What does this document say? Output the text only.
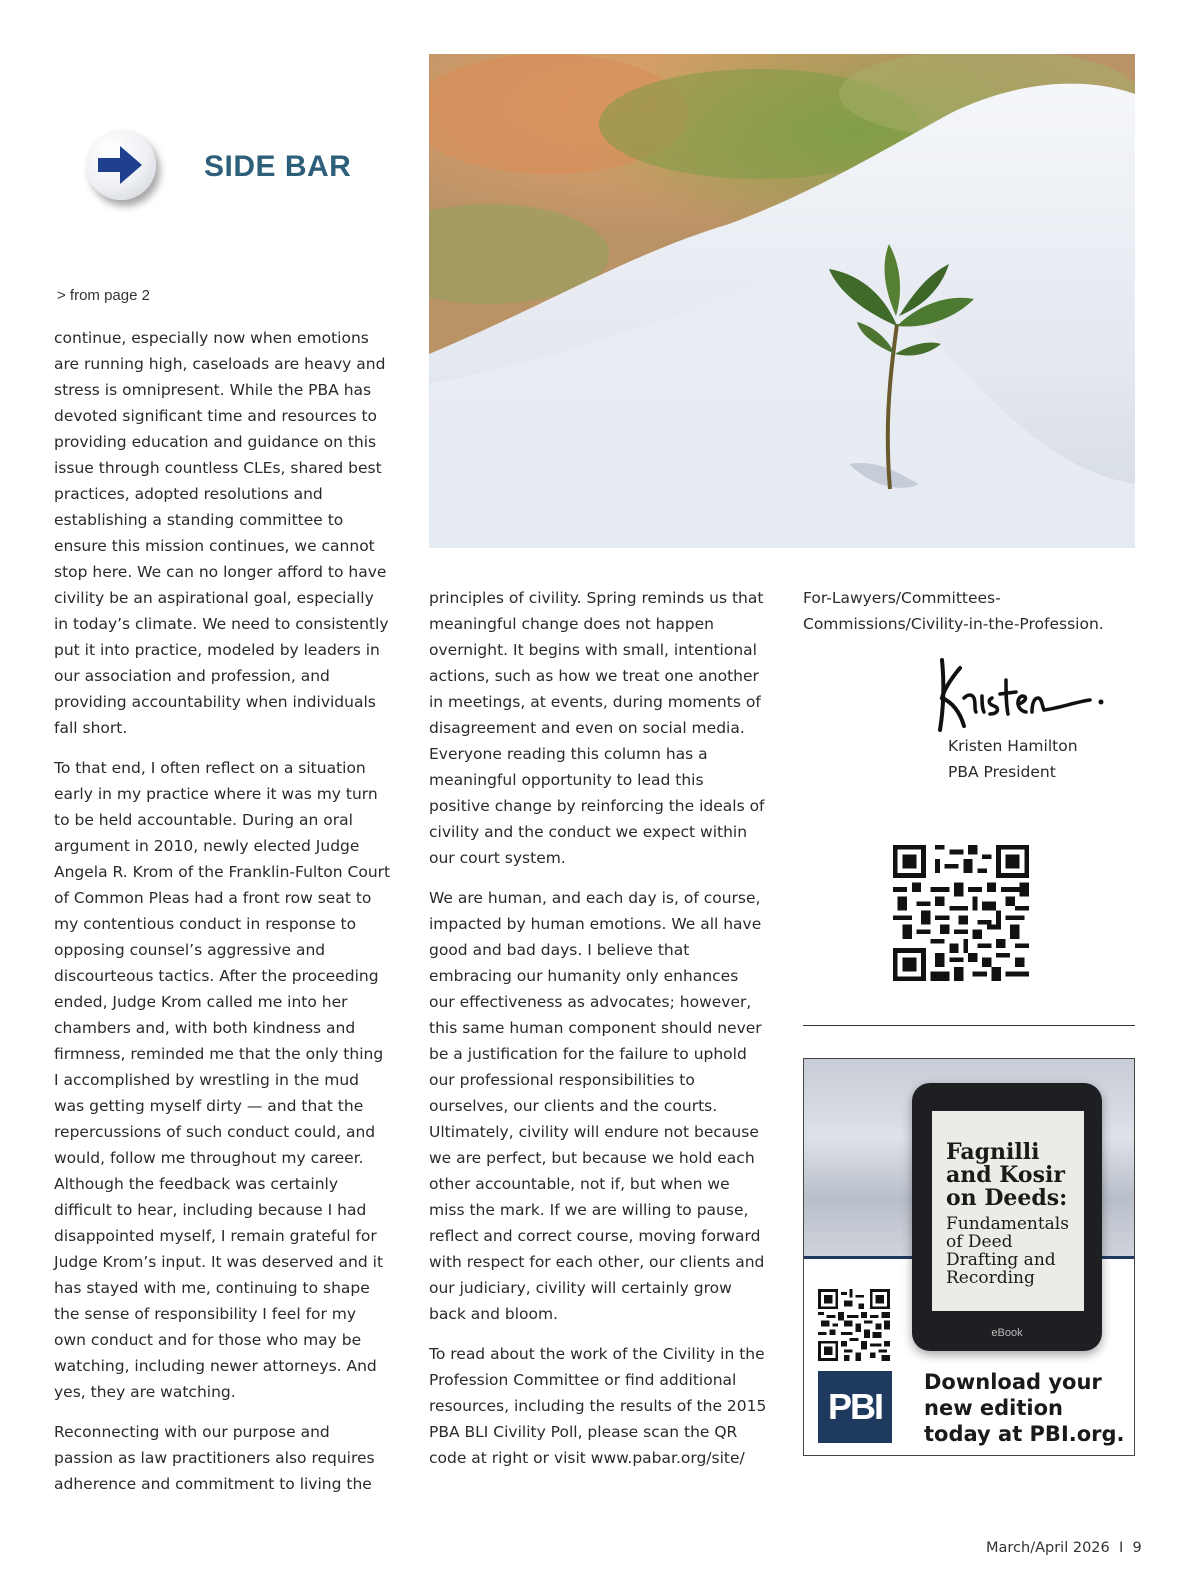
SIDE BAR
> from page 2

continue, especially now when emotions are running high, caseloads are heavy and stress is omnipresent. While the PBA has devoted significant time and resources to providing education and guidance on this issue through countless CLEs, shared best practices, adopted resolutions and establishing a standing committee to ensure this mission continues, we cannot stop here. We can no longer afford to have civility be an aspirational goal, especially in today’s climate. We need to consistently put it into practice, modeled by leaders in our association and profession, and providing accountability when individuals fall short.

To that end, I often reflect on a situation early in my practice where it was my turn to be held accountable. During an oral argument in 2010, newly elected Judge Angela R. Krom of the Franklin-Fulton Court of Common Pleas had a front row seat to my contentious conduct in response to opposing counsel’s aggressive and discourteous tactics. After the proceeding ended, Judge Krom called me into her chambers and, with both kindness and firmness, reminded me that the only thing I accomplished by wrestling in the mud was getting myself dirty — and that the repercussions of such conduct could, and would, follow me throughout my career. Although the feedback was certainly difficult to hear, including because I had disappointed myself, I remain grateful for Judge Krom’s input. It was deserved and it has stayed with me, continuing to shape the sense of responsibility I feel for my own conduct and for those who may be watching, including newer attorneys. And yes, they are watching.

Reconnecting with our purpose and passion as law practitioners also requires adherence and commitment to living the

principles of civility. Spring reminds us that meaningful change does not happen overnight. It begins with small, intentional actions, such as how we treat one another in meetings, at events, during moments of disagreement and even on social media. Everyone reading this column has a meaningful opportunity to lead this positive change by reinforcing the ideals of civility and the conduct we expect within our court system.

We are human, and each day is, of course, impacted by human emotions. We all have good and bad days. I believe that embracing our humanity only enhances our effectiveness as advocates; however, this same human component should never be a justification for the failure to uphold our professional responsibilities to ourselves, our clients and the courts. Ultimately, civility will endure not because we are perfect, but because we hold each other accountable, not if, but when we miss the mark. If we are willing to pause, reflect and correct course, moving forward with respect for each other, our clients and our judiciary, civility will certainly grow back and bloom.

To read about the work of the Civility in the Profession Committee or find additional resources, including the results of the 2015 PBA BLI Civility Poll, please scan the QR code at right or visit www.pabar.org/site/

For-Lawyers/Committees-Commissions/Civility-in-the-Profession.

Kristen Hamilton
PBA President
Fagnilli and Kosir on Deeds:
Fundamentals of Deed Drafting and Recording
eBook
PBI
Download your new edition today at PBI.org.
March/April 2026  I  9
